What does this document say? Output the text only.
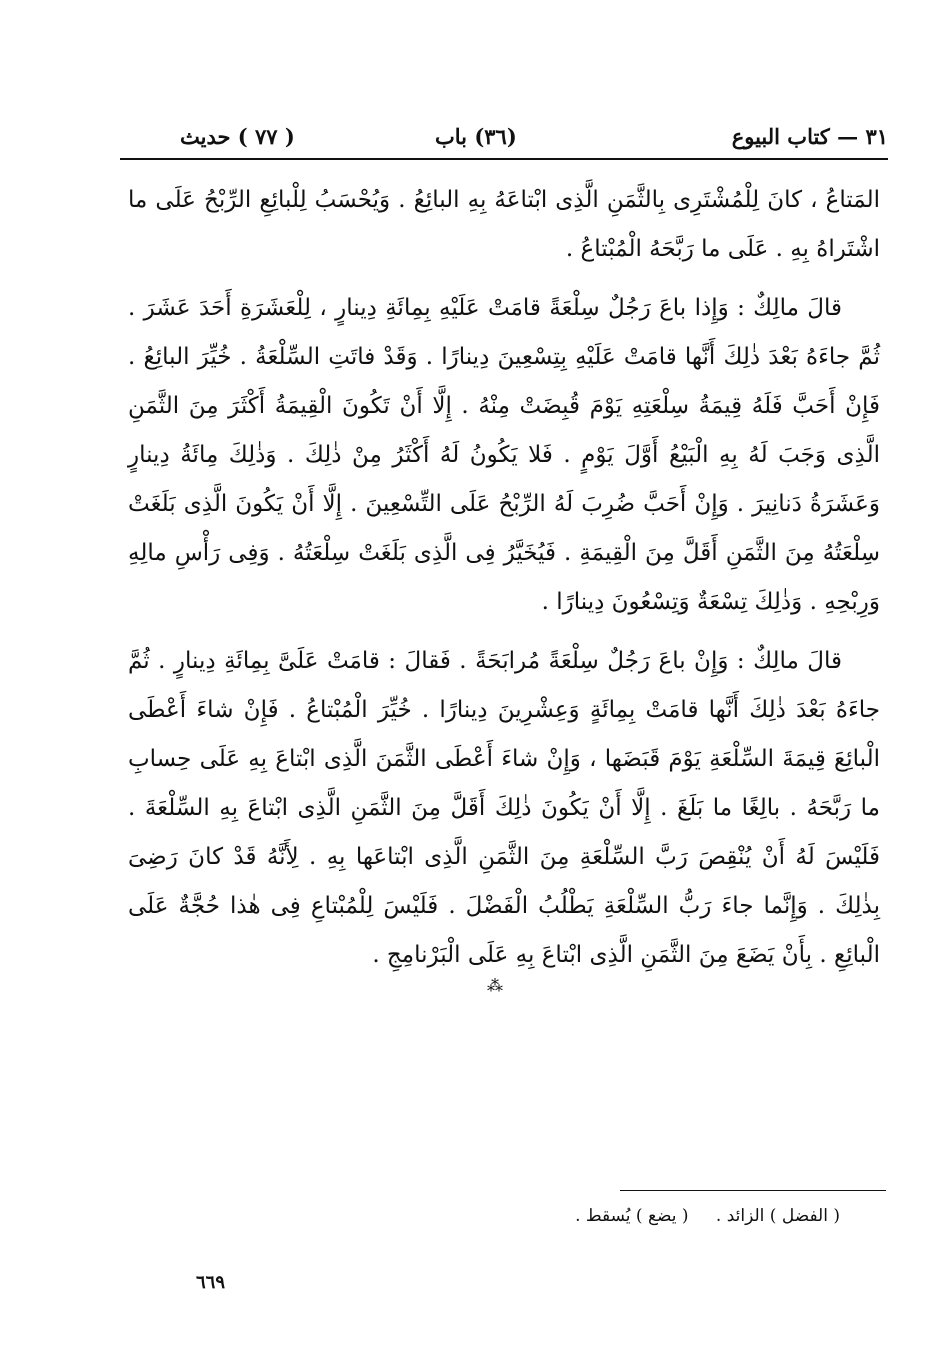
٣١ — كتاب البيوع
(٣٦) باب
( ٧٧ ) حديث

المَتاعُ ، كانَ لِلْمُشْتَرِى بِالثَّمَنِ الَّذِى ابْتاعَهُ بِهِ البائِعُ . وَيُحْسَبُ لِلْبائِعِ الرِّبْحُ عَلَى ما اشْتَراهُ بِهِ . عَلَى ما رَبَّحَهُ الْمُبْتاعُ .

قالَ مالِكٌ : وَإِذا باعَ رَجُلٌ سِلْعَةً قامَتْ عَلَيْهِ بِمِائَةِ دِينارٍ ، لِلْعَشَرَةِ أَحَدَ عَشَرَ . ثُمَّ جاءَهُ بَعْدَ ذٰلِكَ أَنَّها قامَتْ عَلَيْهِ بِتِسْعِينَ دِينارًا . وَقَدْ فاتَتِ السِّلْعَةُ . خُيِّرَ البائِعُ . فَإِنْ أَحَبَّ فَلَهُ قِيمَةُ سِلْعَتِهِ يَوْمَ قُبِضَتْ مِنْهُ . إِلَّا أَنْ تَكُونَ الْقِيمَةُ أَكْثَرَ مِنَ الثَّمَنِ الَّذِى وَجَبَ لَهُ بِهِ الْبَيْعُ أَوَّلَ يَوْمٍ . فَلا يَكُونُ لَهُ أَكْثَرُ مِنْ ذٰلِكَ . وَذٰلِكَ مِائَةُ دِينارٍ وَعَشَرَةُ دَنانِيرَ . وَإِنْ أَحَبَّ ضُرِبَ لَهُ الرِّبْحُ عَلَى التِّسْعِينَ . إِلَّا أَنْ يَكُونَ الَّذِى بَلَغَتْ سِلْعَتُهُ مِنَ الثَّمَنِ أَقَلَّ مِنَ الْقِيمَةِ . فَيُخَيَّرُ فِى الَّذِى بَلَغَتْ سِلْعَتُهُ . وَفِى رَأْسِ مالِهِ وَرِبْحِهِ . وَذٰلِكَ تِسْعَةٌ وَتِسْعُونَ دِينارًا .

قالَ مالِكٌ : وَإِنْ باعَ رَجُلٌ سِلْعَةً مُرابَحَةً . فَقالَ : قامَتْ عَلَىَّ بِمِائَةِ دِينارٍ . ثُمَّ جاءَهُ بَعْدَ ذٰلِكَ أَنَّها قامَتْ بِمِائَةٍ وَعِشْرِينَ دِينارًا . خُيِّرَ الْمُبْتاعُ . فَإِنْ شاءَ أَعْطَى الْبائِعَ قِيمَةَ السِّلْعَةِ يَوْمَ قَبَضَها ، وَإِنْ شاءَ أَعْطَى الثَّمَنَ الَّذِى ابْتاعَ بِهِ عَلَى حِسابِ ما رَبَّحَهُ . بالِغًا ما بَلَغَ . إِلَّا أَنْ يَكُونَ ذٰلِكَ أَقَلَّ مِنَ الثَّمَنِ الَّذِى ابْتاعَ بِهِ السِّلْعَةَ . فَلَيْسَ لَهُ أَنْ يُنْقِصَ رَبَّ السِّلْعَةِ مِنَ الثَّمَنِ الَّذِى ابْتاعَها بِهِ . لِأَنَّهُ قَدْ كانَ رَضِىَ بِذٰلِكَ . وَإِنَّما جاءَ رَبُّ السِّلْعَةِ يَطْلُبُ الْفَضْلَ . فَلَيْسَ لِلْمُبْتاعِ فِى هٰذا حُجَّةٌ عَلَى الْبائِعِ . بِأَنْ يَضَعَ مِنَ الثَّمَنِ الَّذِى ابْتاعَ بِهِ عَلَى الْبَرْنامِجِ .

⁂
( الفضل ) الزائد . ( يضع ) يُسقط .
٦٦٩
